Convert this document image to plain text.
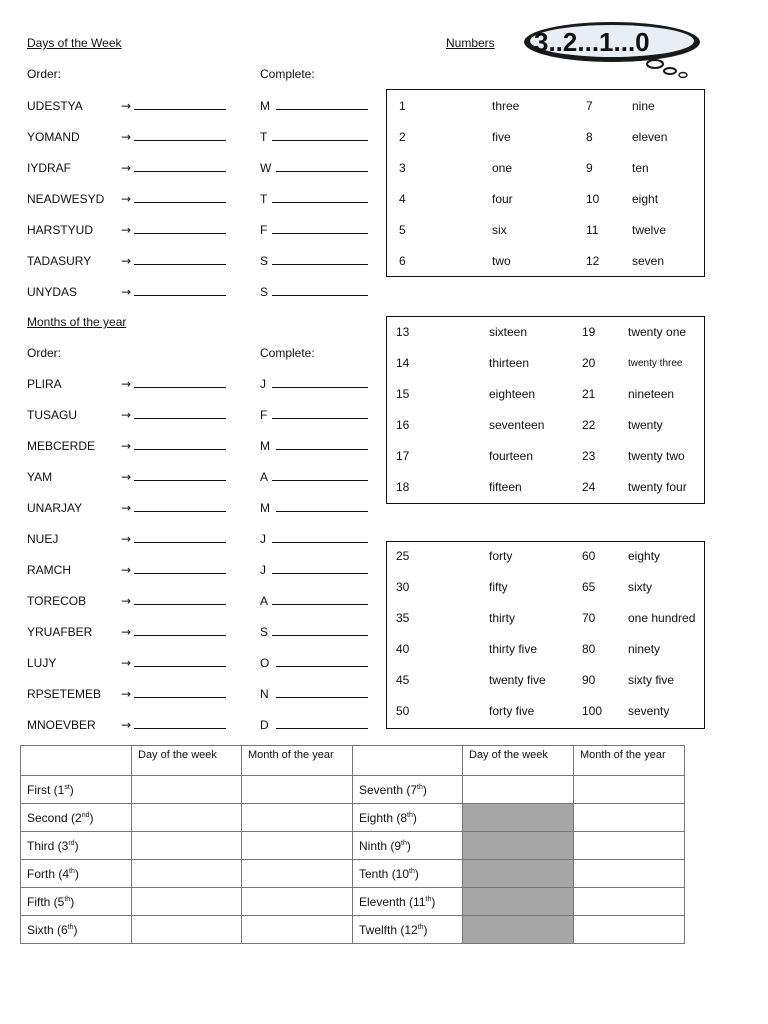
Days of the Week
Order:	Complete:
Numbers 3..2...1...0
UDESTYA	→	M
YOMAND	→	T
IYDRAF	→	W
NEADWESYD →	T
HARSTYUD →	F
TADASURY →	S
UNYDAS	→	S
Months of the year
Order:	Complete:
PLIRA	→	J
TUSAGU	→	F
MEBCERDE →	M
YAM	→	A
UNARJAY	→	M
NUEJ	→	J
RAMCH	→	J
TORECOB	→	A
YRUAFBER →	S
LUJY	→	O
RPSETEMEB →	N
MNOEVBER →	D
1	three	7	nine
2	five	8	eleven
3	one	9	ten
4	four	10	eight
5	six	11	twelve
6	two	12	seven
13	sixteen	19	twenty one
14	thirteen	20	twenty three
15	eighteen	21	nineteen
16	seventeen	22	twenty
17	fourteen	23	twenty two
18	fifteen	24	twenty four
25	forty	60	eighty
30	fifty	65	sixty
35	thirty	70	one hundred
40	thirty five	80	ninety
45	twenty five	90	sixty five
50	forty five	100 seventy
	Day of the week	Month of the year		Day of the week	Month of the year
First (1st)			Seventh (7th)		
Second (2nd)			Eighth (8th)		
Third (3rd)			Ninth (9th)		
Forth (4th)			Tenth (10th)		
Fifth (5th)			Eleventh (11th)		
Sixth (6th)			Twelfth (12th)		
